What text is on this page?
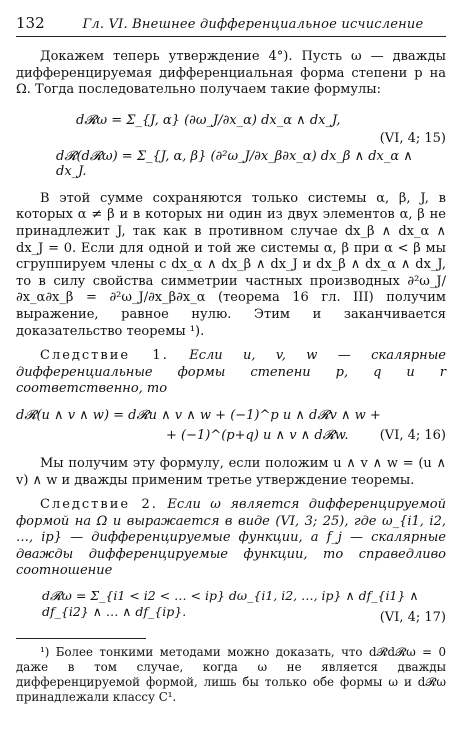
132	Гл. VI. Внешнее дифференциальное исчисление

Докажем теперь утверждение 4°). Пусть ω — дважды дифференцируемая дифференциальная форма степени p на Ω. Тогда последовательно получаем такие формулы:

d𝓡ω = Σ_{J, α} (∂ω_J/∂x_α) dx_α ∧ dx_J,
d𝓡(d𝓡ω) = Σ_{J, α, β} (∂²ω_J/∂x_β∂x_α) dx_β ∧ dx_α ∧ dx_J.
(VI, 4; 15)

В этой сумме сохраняются только системы α, β, J, в которых α ≠ β и в которых ни один из двух элементов α, β не принадлежит J, так как в противном случае dx_β ∧ dx_α ∧ dx_J = 0. Если для одной и той же системы α, β при α < β мы сгруппируем члены с dx_α ∧ dx_β ∧ dx_J и dx_β ∧ dx_α ∧ dx_J, то в силу свойства симметрии частных производных ∂²ω_J/∂x_α∂x_β = ∂²ω_J/∂x_β∂x_α (теорема 16 гл. III) получим выражение, равное нулю. Этим и заканчивается доказательство теоремы ¹).

Следствие 1. Если u, v, w — скалярные дифференциальные формы степени p, q и r соответственно, то

d𝓡(u ∧ v ∧ w) = d𝓡u ∧ v ∧ w + (−1)^p u ∧ d𝓡v ∧ w +
+ (−1)^(p+q) u ∧ v ∧ d𝓡w. (VI, 4; 16)

Мы получим эту формулу, если положим u ∧ v ∧ w = (u ∧ v) ∧ w и дважды применим третье утверждение теоремы.

Следствие 2. Если ω является дифференцируемой формой на Ω и выражается в виде (VI, 3; 25), где ω_{i1, i2, …, ip} — дифференцируемые функции, а f_j — скалярные дважды дифференцируемые функции, то справедливо соотношение

d𝓡ω = Σ_{i1 < i2 < … < ip} dω_{i1, i2, …, ip} ∧ df_{i1} ∧ df_{i2} ∧ … ∧ df_{ip}.	(VI, 4; 17)

¹) Более тонкими методами можно доказать, что d𝓡d𝓡ω = 0 даже в том случае, когда ω не является дважды дифференцируемой формой, лишь бы только обе формы ω и d𝓡ω принадлежали классу C¹.
